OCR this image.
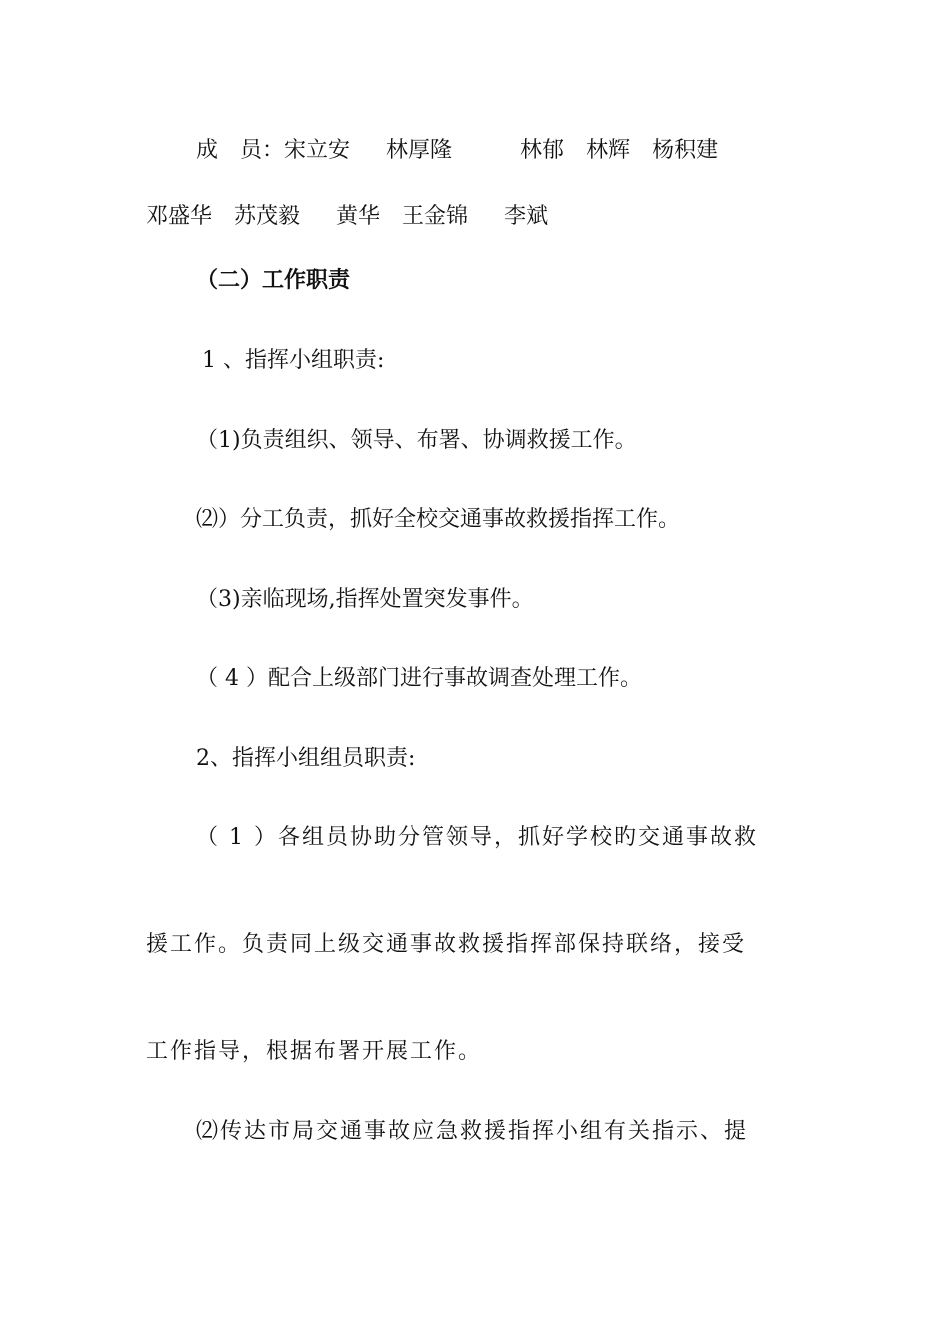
成　员：宋立安 林厚隆	林郁 林辉 杨积建
邓盛华 苏茂毅 黄华 王金锦 李斌
（二）工作职责
1 、指挥小组职责:
（1)负责组织、领导、布署、协调救援工作。
⑵）分工负责，抓好全校交通事故救援指挥工作。
（3)亲临现场,指挥处置突发事件。
（ 4 ）配合上级部门进行事故调查处理工作。
2、指挥小组组员职责:
（ 1 ）各组员协助分管领导，抓好学校旳交通事故救
援工作。负责同上级交通事故救援指挥部保持联络，接受
工作指导，根据布署开展工作。
⑵传达市局交通事故应急救援指挥小组有关指示、提
